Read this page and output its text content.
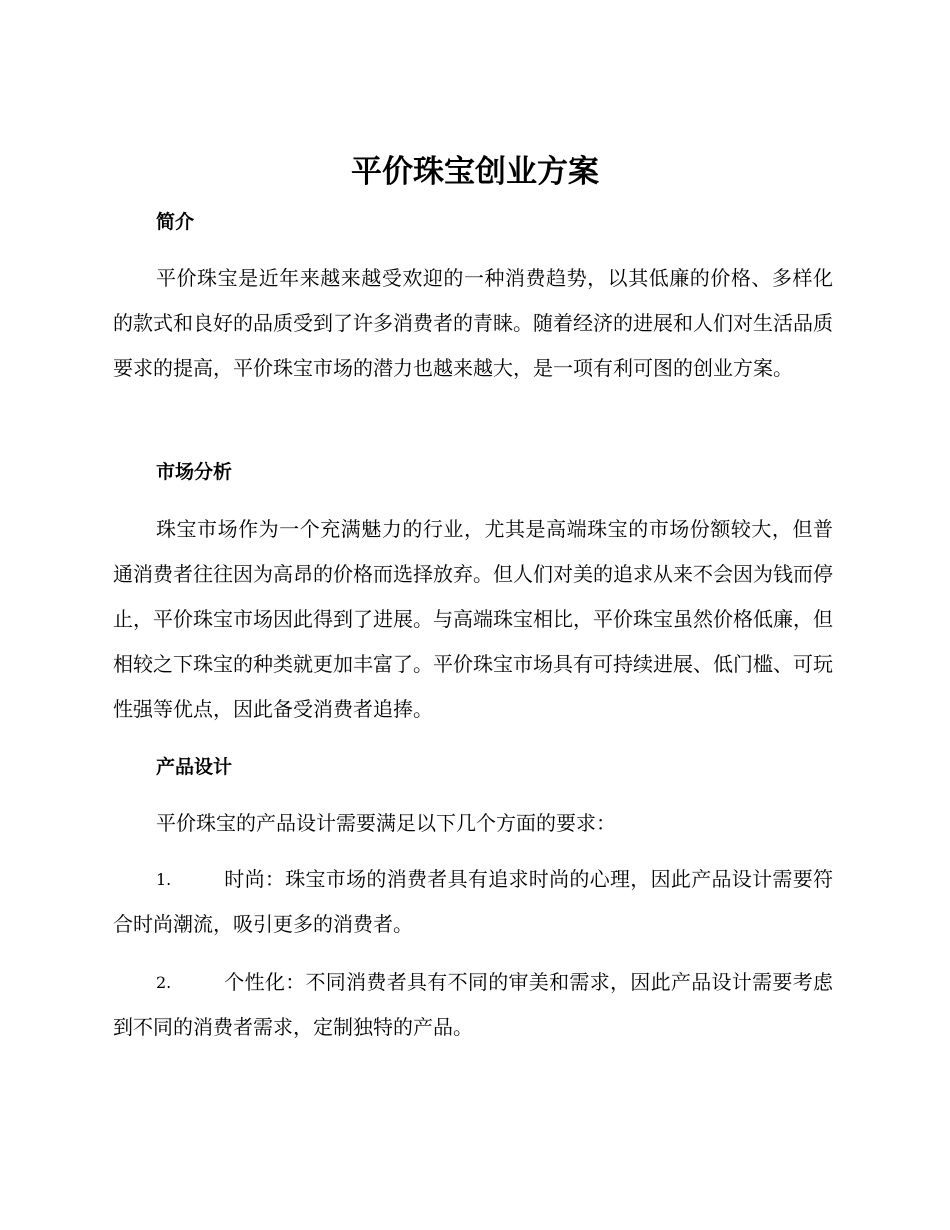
平价珠宝创业方案
简介

平价珠宝是近年来越来越受欢迎的一种消费趋势，以其低廉的价格、多样化的款式和良好的品质受到了许多消费者的青睐。随着经济的进展和人们对生活品质要求的提高，平价珠宝市场的潜力也越来越大，是一项有利可图的创业方案。

市场分析

珠宝市场作为一个充满魅力的行业，尤其是高端珠宝的市场份额较大，但普通消费者往往因为高昂的价格而选择放弃。但人们对美的追求从来不会因为钱而停止，平价珠宝市场因此得到了进展。与高端珠宝相比，平价珠宝虽然价格低廉，但相较之下珠宝的种类就更加丰富了。平价珠宝市场具有可持续进展、低门槛、可玩性强等优点，因此备受消费者追捧。

产品设计

平价珠宝的产品设计需要满足以下几个方面的要求：

1.	时尚：珠宝市场的消费者具有追求时尚的心理，因此产品设计需要符合时尚潮流，吸引更多的消费者。
2.	个性化：不同消费者具有不同的审美和需求，因此产品设计需要考虑到不同的消费者需求，定制独特的产品。
